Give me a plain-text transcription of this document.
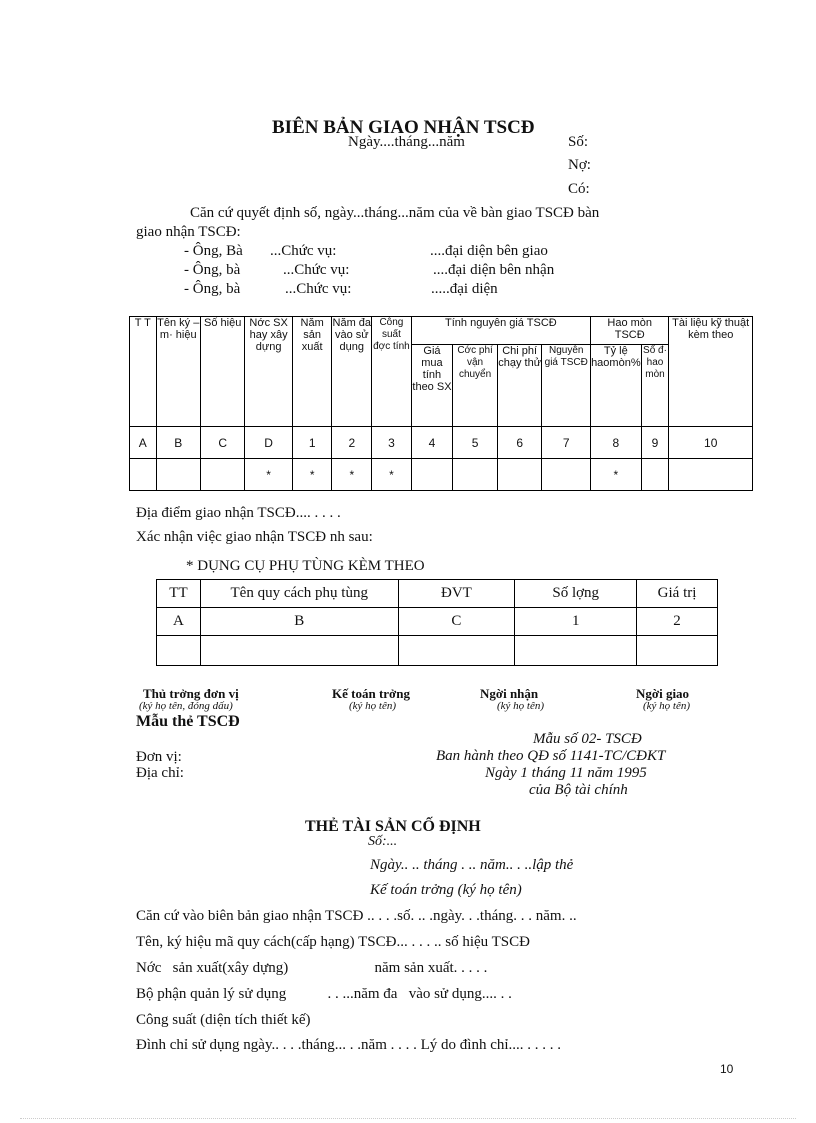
BIÊN BẢN GIAO NHẬN TSCĐ
Ngày....tháng...năm	Số:
Nợ:
Có:
Căn cứ quyết định số, ngày...tháng...năm của về bàn giao TSCĐ bàn
giao nhận TSCĐ:
- Ông, Bà ...Chức vụ:	....đại diện bên giao
- Ông, bà	...Chức vụ:	....đại diện bên nhận
- Ông, bà	...Chức vụ:	.....đại diện
T T	Tên ký – m· hiệu	Số hiệu	Nớc SX hay xây dựng	Năm sản xuất	Năm đa vào sử dụng	Công suất đợc tính	Tính nguyên giá TSCĐ				Hao mòn TSCĐ		Tài liệu kỹ thuật kèm theo
							Giá mua tính theo SX	Cớc phí vận chuyển	Chi phí chạy thử	Nguyên giá TSCĐ	Tỷ lệ haomòn%	Số đ· hao mòn	
A	B	C	D	1	2	3	4	5	6	7	8	9	10
			*	*	*	*					*		
Địa điểm giao nhận TSCĐ.... . . . .
Xác nhận việc giao nhận TSCĐ nh sau:
* DỤNG CỤ PHỤ TÙNG KÈM THEO
TT	Tên quy cách phụ tùng	ĐVT	Số lợng	Giá trị
A	B	C	1	2

Thủ trởng đơn vị
(ký họ tên, đóng dấu)
Kế toán trởng
(ký họ tên)
Ngời nhận
(ký họ tên)
Ngời giao
(ký họ tên)
Mẫu thẻ TSCĐ
Mẫu số 02- TSCĐ
Ban hành theo QĐ số 1141-TC/CĐKT
Ngày 1 tháng 11 năm 1995
của Bộ tài chính
Đơn vị:
Địa chỉ:
THẺ TÀI SẢN CỐ ĐỊNH
Số:...
Ngày.. .. tháng . .. năm.. . ..lập thẻ
Kế toán trởng (ký họ tên)
Căn cứ vào biên bản giao nhận TSCĐ .. . . .số. .. .ngày. . .tháng. . . năm. ..
Tên, ký hiệu mã quy cách(cấp hạng) TSCĐ... . . . .. số hiệu TSCĐ
Nớc   sản xuất(xây dựng)                       năm sản xuất. . . . .
Bộ phận quản lý sử dụng           . . ...năm đa   vào sử dụng.... . .
Công suất (diện tích thiết kế)
Đình chỉ sử dụng ngày.. . . .tháng... . .năm . . . . Lý do đình chỉ.... . . . . .
10
